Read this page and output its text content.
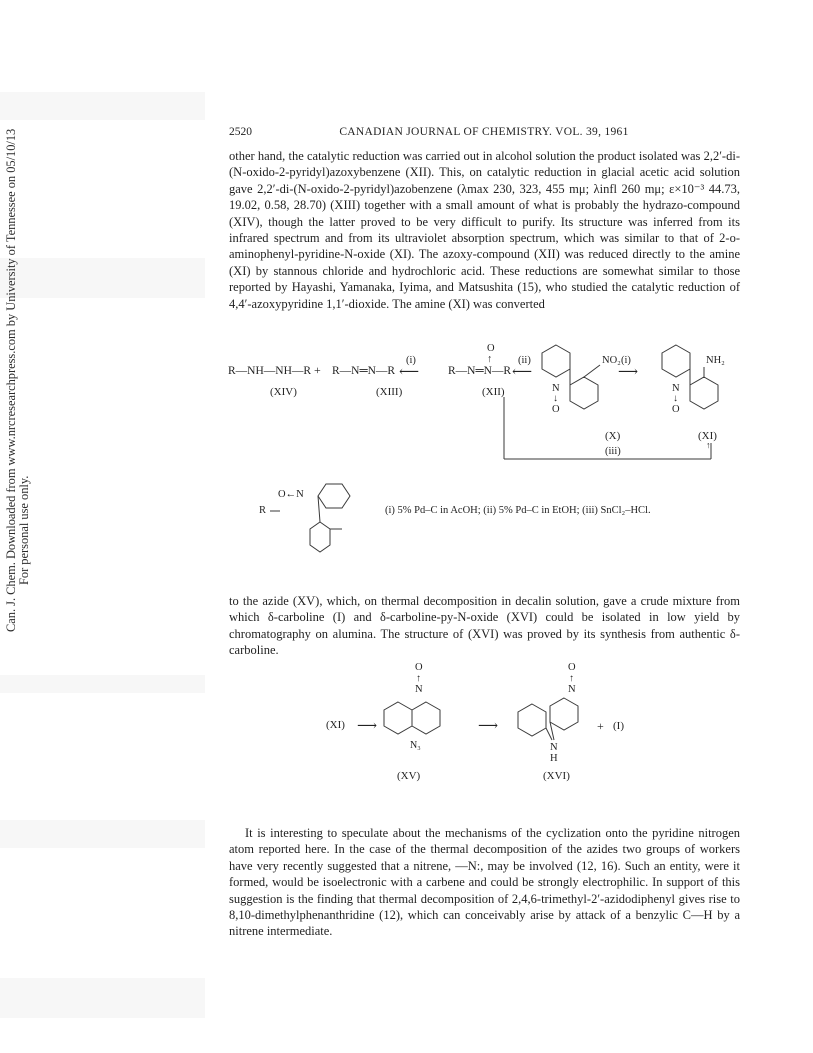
Can. J. Chem. Downloaded from www.nrcresearchpress.com by University of Tennessee on 05/10/13 For personal use only.
2520	CANADIAN JOURNAL OF CHEMISTRY. VOL. 39, 1961

other hand, the catalytic reduction was carried out in alcohol solution the product isolated was 2,2′-di-(N-oxido-2-pyridyl)azoxybenzene (XII). This, on catalytic reduction in glacial acetic acid solution gave 2,2′-di-(N-oxido-2-pyridyl)azobenzene (λmax 230, 323, 455 mμ; λinfl 260 mμ; ε×10⁻³ 44.73, 19.02, 0.58, 28.70) (XIII) together with a small amount of what is probably the hydrazo-compound (XIV), though the latter proved to be very difficult to purify. Its structure was inferred from its infrared spectrum and from its ultraviolet absorption spectrum, which was similar to that of 2-o-aminophenyl-pyridine-N-oxide (XI). The azoxy-compound (XII) was reduced directly to the amine (XI) by stannous chloride and hydrochloric acid. These reductions are somewhat similar to those reported by Hayashi, Yamanaka, Iyima, and Matsushita (15), who studied the catalytic reduction of 4,4′-azoxypyridine 1,1′-dioxide. The amine (XI) was converted

R—NH—NH—R + R—N═N—R
(i)
⟵
O
↑
R—N═N—R
(ii)
⟵
NO₂ (i)
⟶
N
↓
O
NH₂
N
↓
O
(XIV)	(XIII)	(XII)
(X)	(XI)
↑
(iii)
O←N
R	(i) 5% Pd–C in AcOH; (ii) 5% Pd–C in EtOH; (iii) SnCl₂–HCl.

to the azide (XV), which, on thermal decomposition in decalin solution, gave a crude mixture from which δ-carboline (I) and δ-carboline-py-N-oxide (XVI) could be isolated in low yield by chromatography on alumina. The structure of (XVI) was proved by its synthesis from authentic δ-carboline.

(XI) ⟶
O
↑
N
N₃
⟶
O
↑
N
N
H
+ (I)
(XV)	(XVI)

It is interesting to speculate about the mechanisms of the cyclization onto the pyridine nitrogen atom reported here. In the case of the thermal decomposition of the azides two groups of workers have very recently suggested that a nitrene, —N:, may be involved (12, 16). Such an entity, were it formed, would be isoelectronic with a carbene and could be strongly electrophilic. In support of this suggestion is the finding that thermal decomposition of 2,4,6-trimethyl-2′-azidodiphenyl gives rise to 8,10-dimethylphenanthridine (12), which can conceivably arise by attack of a benzylic C—H by a nitrene intermediate.
